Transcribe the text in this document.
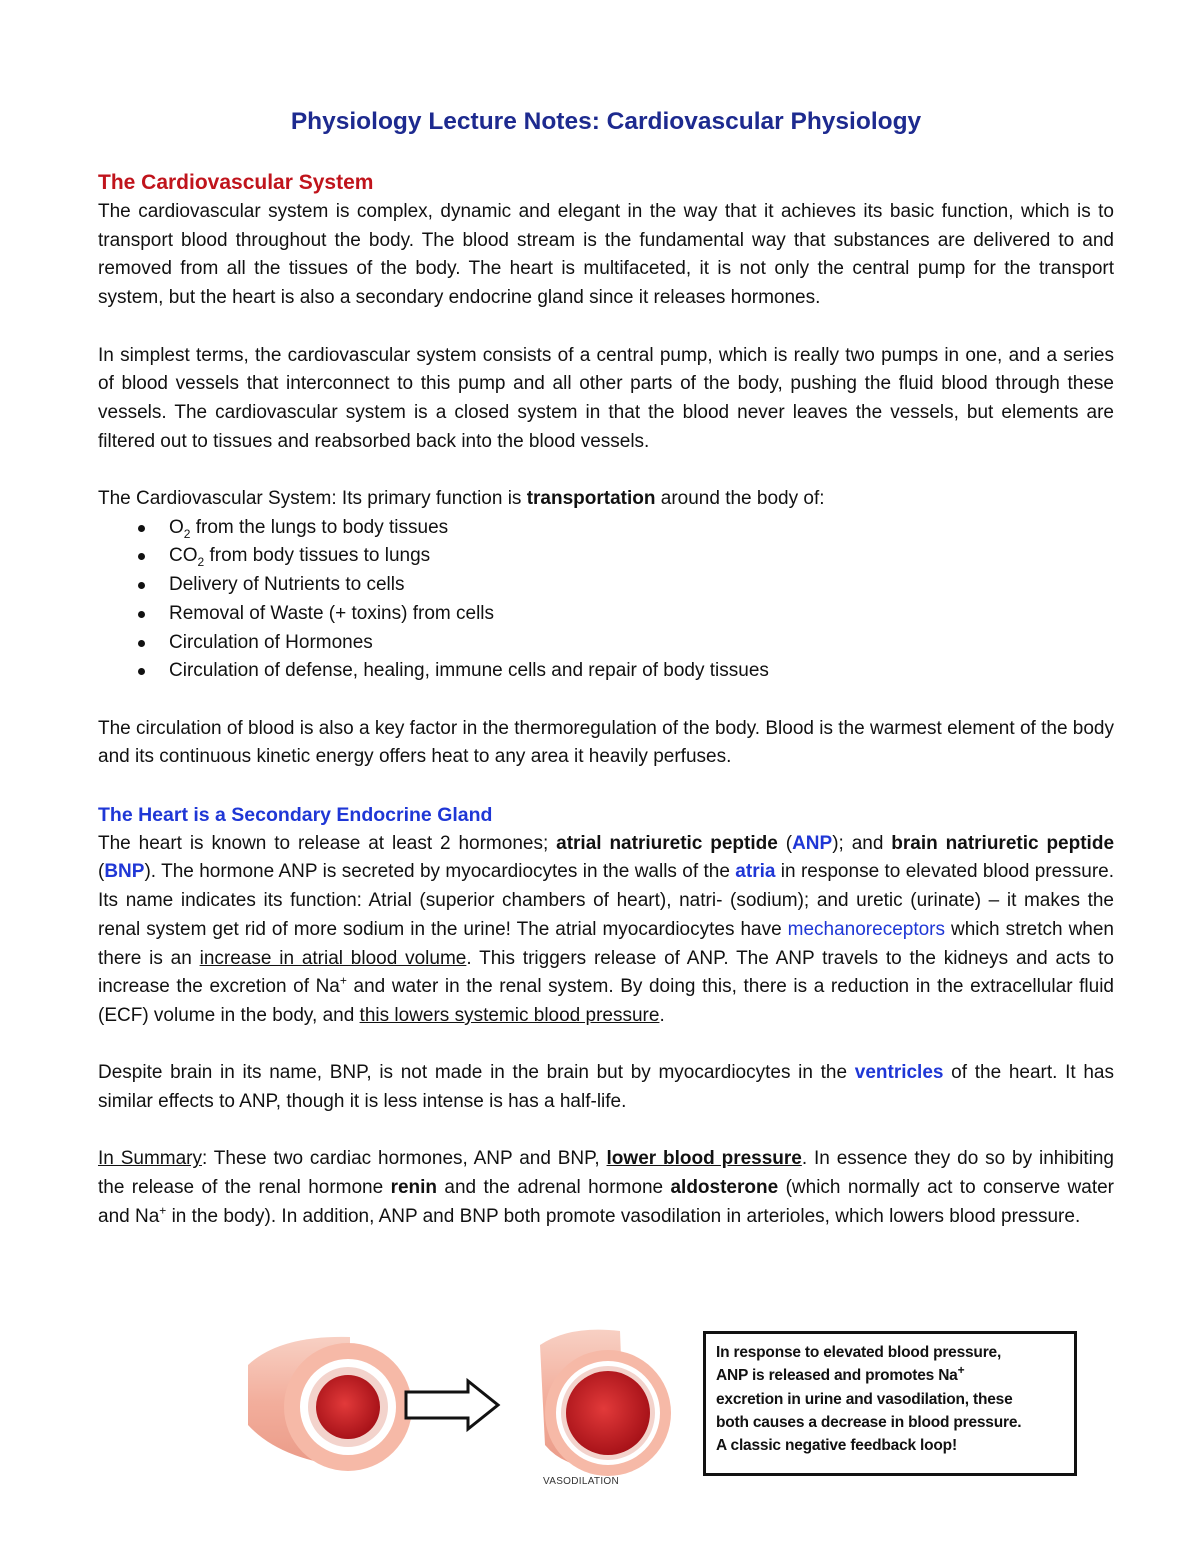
Physiology Lecture Notes: Cardiovascular Physiology
The Cardiovascular System

The cardiovascular system is complex, dynamic and elegant in the way that it achieves its basic function, which is to transport blood throughout the body. The blood stream is the fundamental way that substances are delivered to and removed from all the tissues of the body. The heart is multifaceted, it is not only the central pump for the transport system, but the heart is also a secondary endocrine gland since it releases hormones.

In simplest terms, the cardiovascular system consists of a central pump, which is really two pumps in one, and a series of blood vessels that interconnect to this pump and all other parts of the body, pushing the fluid blood through these vessels. The cardiovascular system is a closed system in that the blood never leaves the vessels, but elements are filtered out to tissues and reabsorbed back into the blood vessels.

The Cardiovascular System: Its primary function is transportation around the body of:

$O_2$ from the lungs to body tissues
$CO_2$ from body tissues to lungs
Delivery of Nutrients to cells
Removal of Waste (+ toxins) from cells
Circulation of Hormones
Circulation of defense, healing, immune cells and repair of body tissues

The circulation of blood is also a key factor in the thermoregulation of the body. Blood is the warmest element of the body and its continuous kinetic energy offers heat to any area it heavily perfuses.

The Heart is a Secondary Endocrine Gland

The heart is known to release at least 2 hormones; atrial natriuretic peptide (ANP); and brain natriuretic peptide (BNP). The hormone ANP is secreted by myocardiocytes in the walls of the atria in response to elevated blood pressure. Its name indicates its function: Atrial (superior chambers of heart), natri- (sodium); and uretic (urinate) – it makes the renal system get rid of more sodium in the urine! The atrial myocardiocytes have mechanoreceptors which stretch when there is an increase in atrial blood volume. This triggers release of ANP. The ANP travels to the kidneys and acts to increase the excretion of Na+ and water in the renal system. By doing this, there is a reduction in the extracellular fluid (ECF) volume in the body, and this lowers systemic blood pressure.

Despite brain in its name, BNP, is not made in the brain but by myocardiocytes in the ventricles of the heart. It has similar effects to ANP, though it is less intense is has a half-life.

In Summary: These two cardiac hormones, ANP and BNP, lower blood pressure. In essence they do so by inhibiting the release of the renal hormone renin and the adrenal hormone aldosterone (which normally act to conserve water and Na+ in the body). In addition, ANP and BNP both promote vasodilation in arterioles, which lowers blood pressure.

VASODILATION
In response to elevated blood pressure,
ANP is released and promotes Na+
excretion in urine and vasodilation, these
both causes a decrease in blood pressure.
A classic negative feedback loop!
